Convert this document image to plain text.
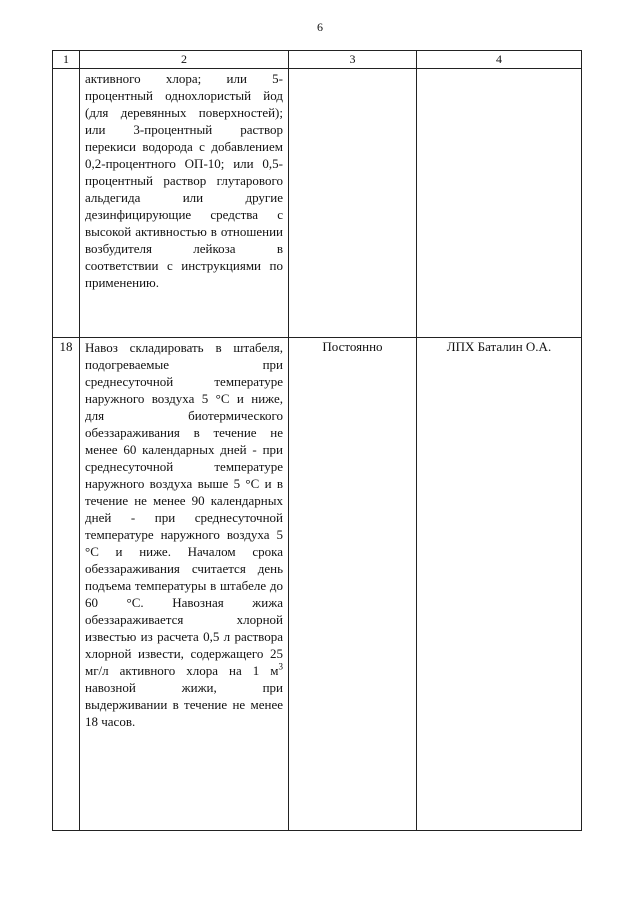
6
1	2	3	4

	активного хлора; или 5-процентный однохлористый йод (для деревянных поверхностей); или 3-процентный раствор перекиси водорода с добавлением 0,2-процентного ОП-10; или 0,5-процентный раствор глутарового альдегида или другие дезинфицирующие средства с высокой активностью в отношении возбудителя лейкоза в соответствии с инструкциями по применению.		

18	Навоз складировать в штабеля, подогреваемые при среднесуточной температуре наружного воздуха 5 °С и ниже, для биотермического обеззараживания в течение не менее 60 календарных дней - при среднесуточной температуре наружного воздуха выше 5 °С и в течение не менее 90 календарных дней - при среднесуточной температуре наружного воздуха 5 °С и ниже. Началом срока обеззараживания считается день подъема температуры в штабеле до 60 °С. Навозная жижа обеззараживается хлорной известью из расчета 0,5 л раствора хлорной извести, содержащего 25 мг/л активного хлора на 1 $м^3$ навозной жижи, при выдерживании в течение не менее 18 часов.	Постоянно	ЛПХ Баталин О.А.
